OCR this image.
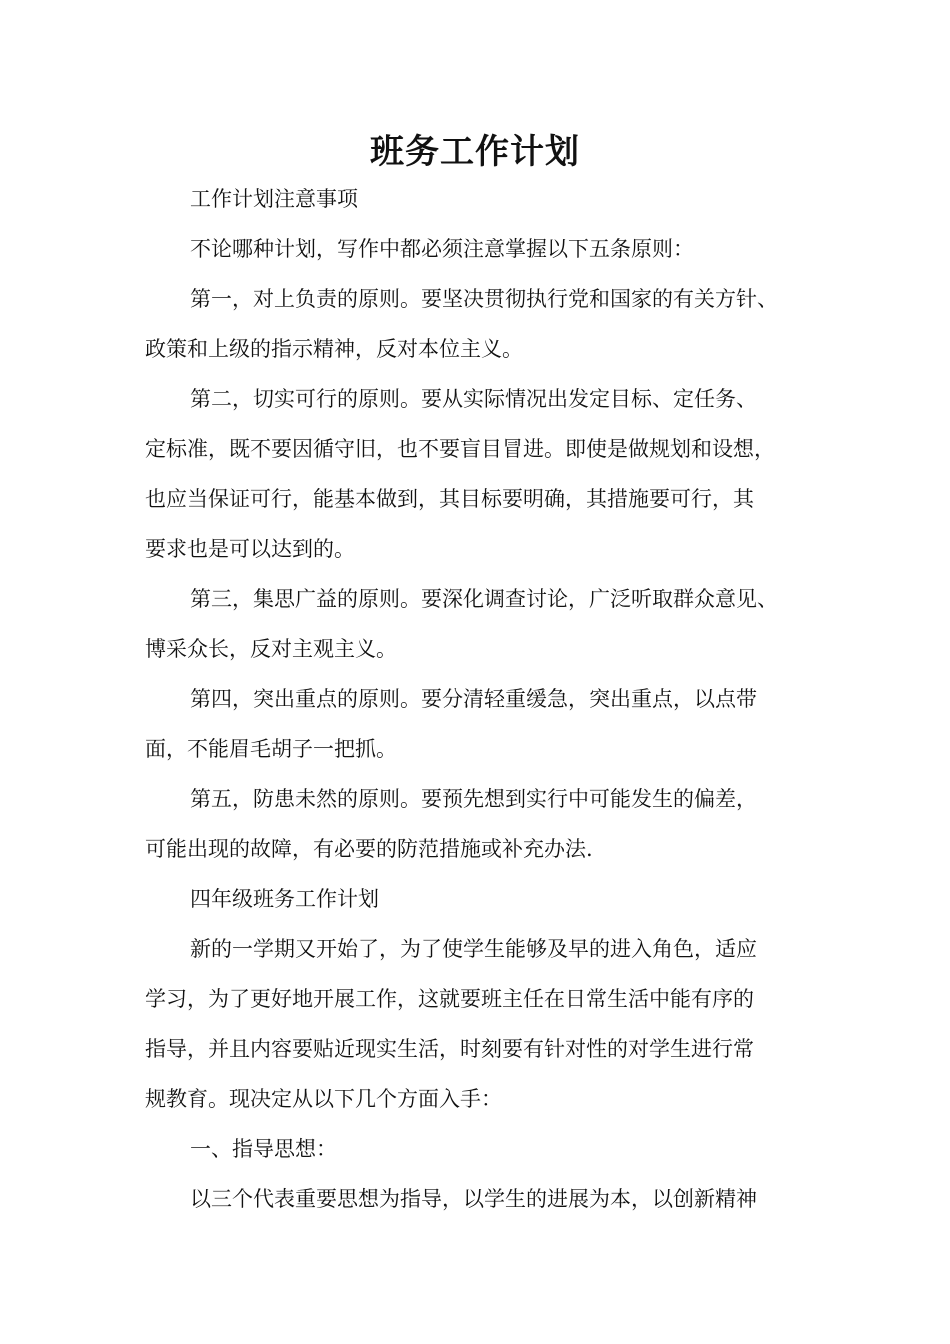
班务工作计划
工作计划注意事项
不论哪种计划，写作中都必须注意掌握以下五条原则：
第一，对上负责的原则。要坚决贯彻执行党和国家的有关方针、
政策和上级的指示精神，反对本位主义。
第二，切实可行的原则。要从实际情况出发定目标、定任务、
定标准，既不要因循守旧，也不要盲目冒进。即使是做规划和设想，
也应当保证可行，能基本做到，其目标要明确，其措施要可行，其
要求也是可以达到的。
第三，集思广益的原则。要深化调查讨论，广泛听取群众意见、
博采众长，反对主观主义。
第四，突出重点的原则。要分清轻重缓急，突出重点，以点带
面，不能眉毛胡子一把抓。
第五，防患未然的原则。要预先想到实行中可能发生的偏差，
可能出现的故障，有必要的防范措施或补充办法.
四年级班务工作计划
新的一学期又开始了，为了使学生能够及早的进入角色，适应
学习，为了更好地开展工作，这就要班主任在日常生活中能有序的
指导，并且内容要贴近现实生活，时刻要有针对性的对学生进行常
规教育。现决定从以下几个方面入手：
一、指导思想：
以三个代表重要思想为指导，以学生的进展为本，以创新精神
